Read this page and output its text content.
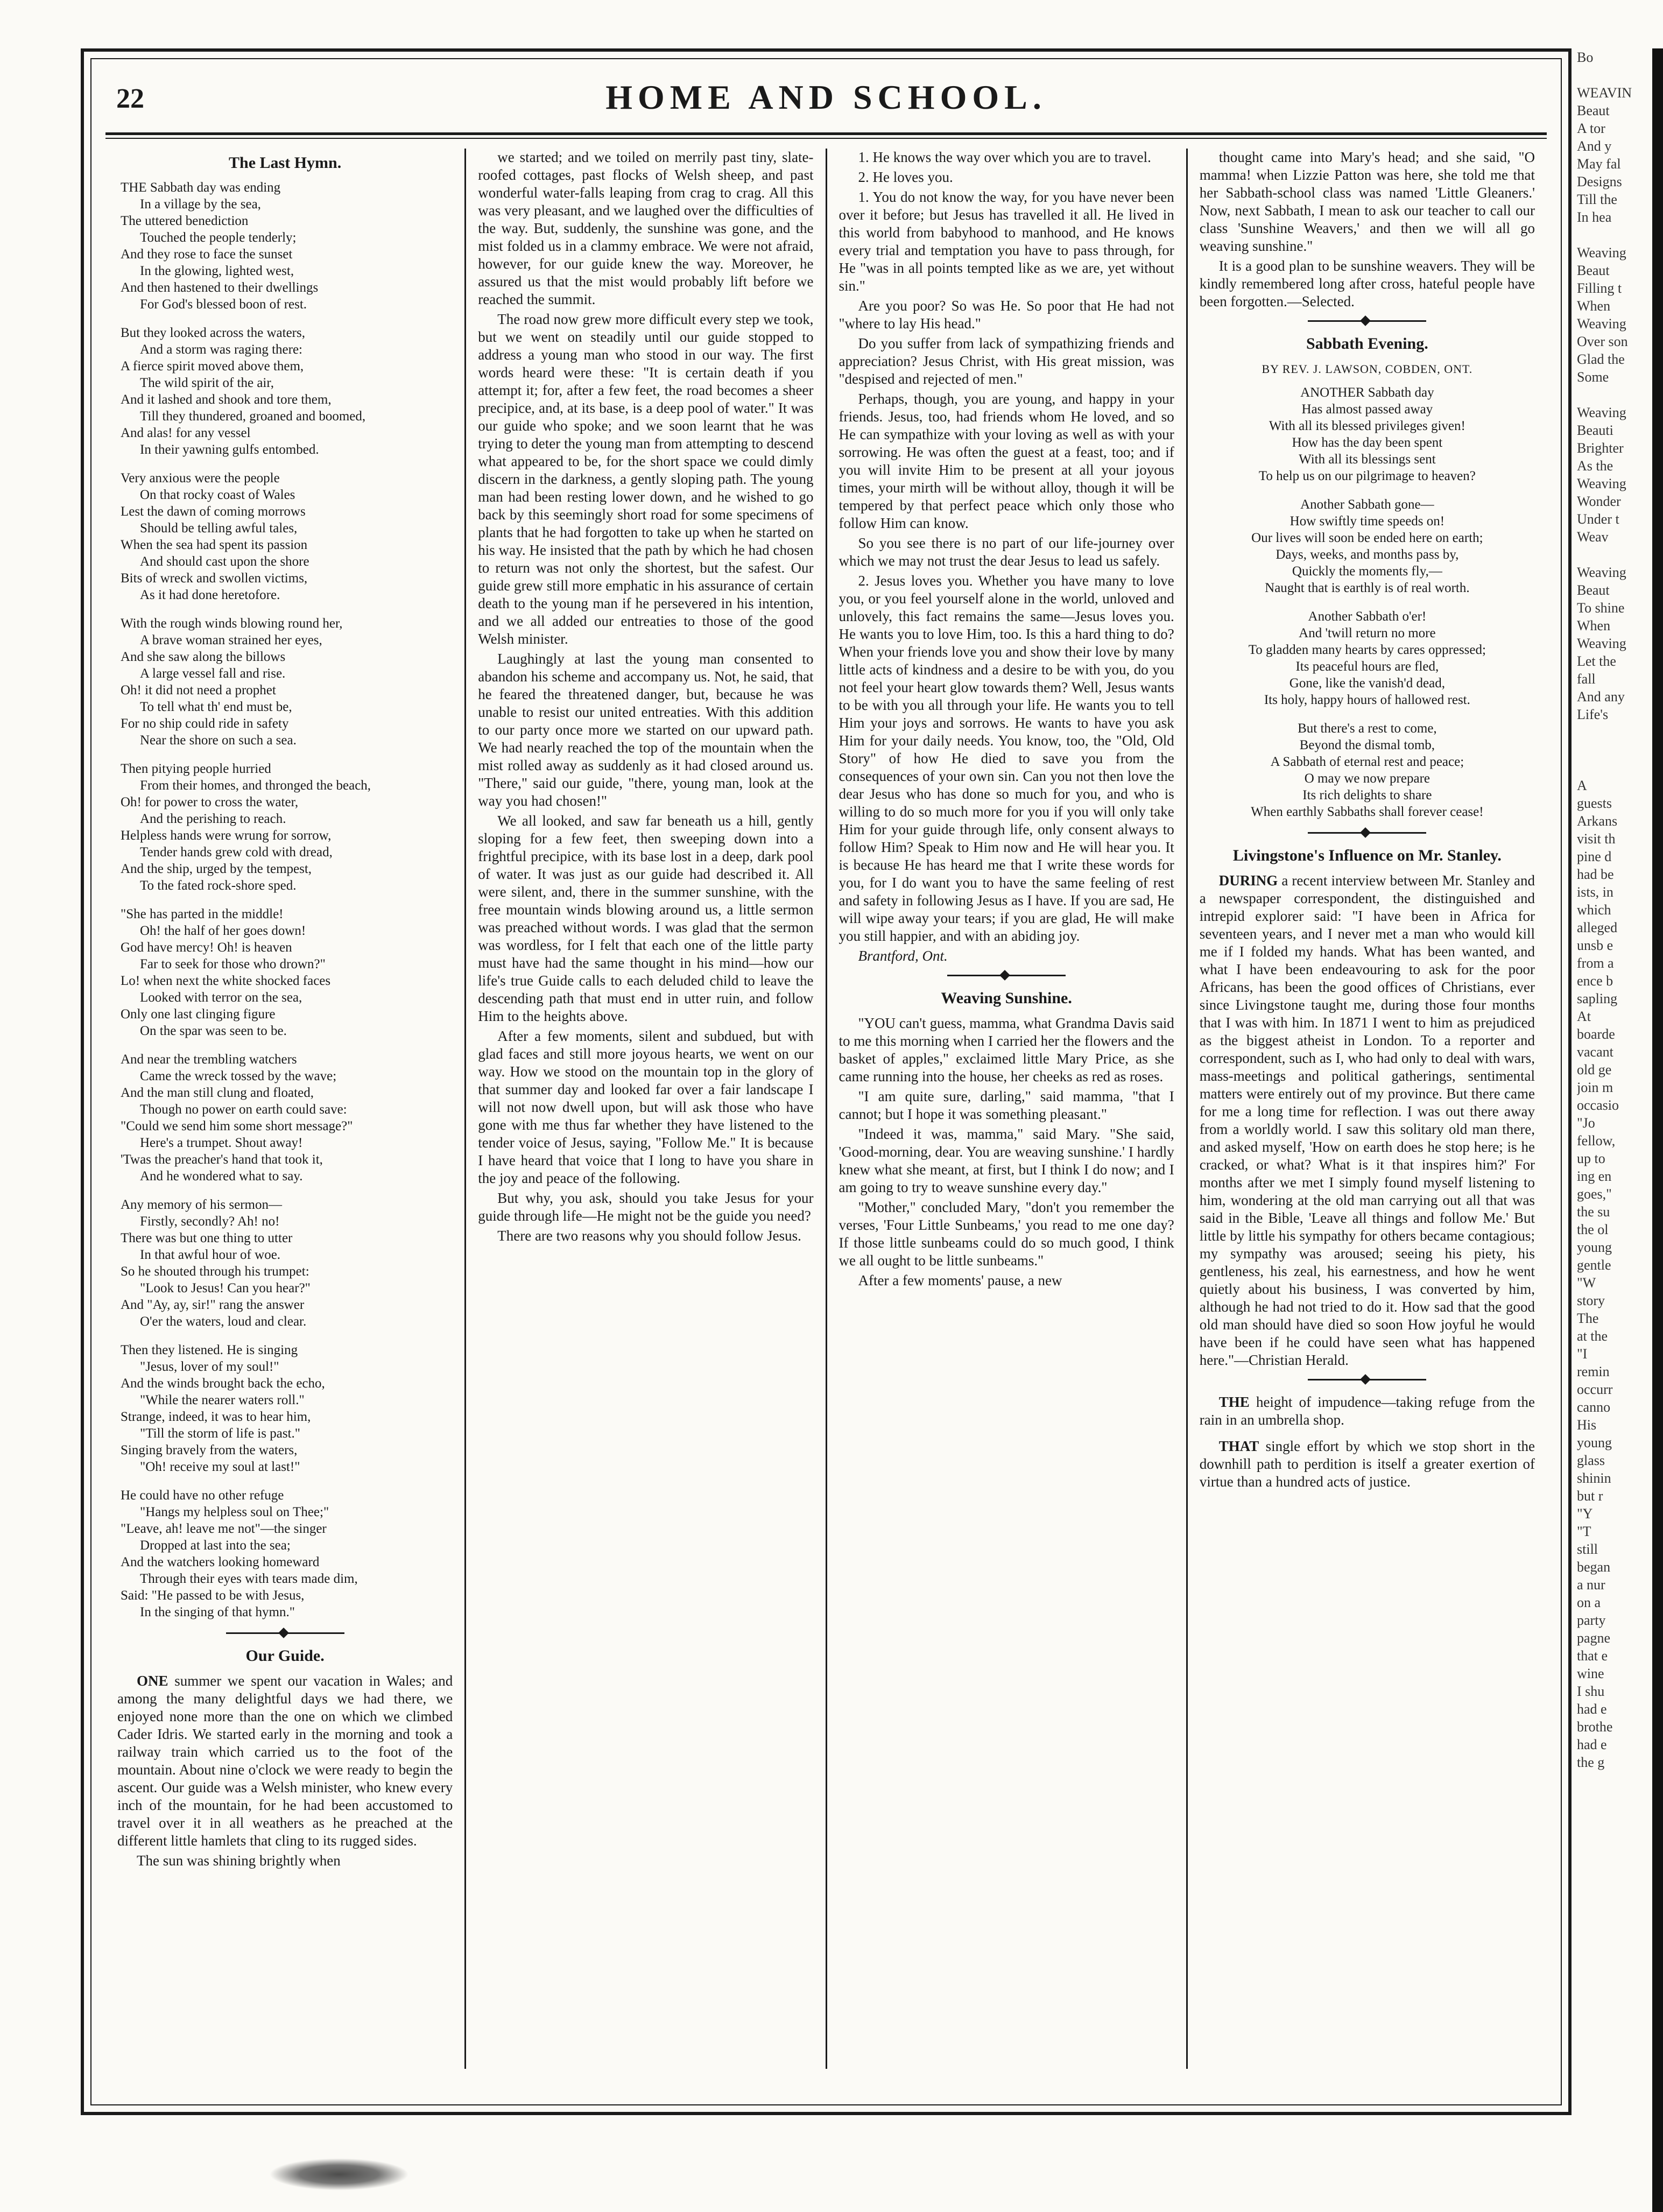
22	HOME AND SCHOOL.
The Last Hymn.
THE Sabbath day was ending
In a village by the sea,
The uttered benediction
Touched the people tenderly;
And they rose to face the sunset
In the glowing, lighted west,
And then hastened to their dwellings
For God's blessed boon of rest.
But they looked across the waters,
And a storm was raging there:
A fierce spirit moved above them,
The wild spirit of the air,
And it lashed and shook and tore them,
Till they thundered, groaned and boomed,
And alas! for any vessel
In their yawning gulfs entombed.
Very anxious were the people
On that rocky coast of Wales
Lest the dawn of coming morrows
Should be telling awful tales,
When the sea had spent its passion
And should cast upon the shore
Bits of wreck and swollen victims,
As it had done heretofore.
With the rough winds blowing round her,
A brave woman strained her eyes,
And she saw along the billows
A large vessel fall and rise.
Oh! it did not need a prophet
To tell what th' end must be,
For no ship could ride in safety
Near the shore on such a sea.
Then pitying people hurried
From their homes, and thronged the beach,
Oh! for power to cross the water,
And the perishing to reach.
Helpless hands were wrung for sorrow,
Tender hands grew cold with dread,
And the ship, urged by the tempest,
To the fated rock-shore sped.
"She has parted in the middle!
Oh! the half of her goes down!
God have mercy! Oh! is heaven
Far to seek for those who drown?"
Lo! when next the white shocked faces
Looked with terror on the sea,
Only one last clinging figure
On the spar was seen to be.
And near the trembling watchers
Came the wreck tossed by the wave;
And the man still clung and floated,
Though no power on earth could save:
"Could we send him some short message?"
Here's a trumpet. Shout away!
'Twas the preacher's hand that took it,
And he wondered what to say.
Any memory of his sermon—
Firstly, secondly? Ah! no!
There was but one thing to utter
In that awful hour of woe.
So he shouted through his trumpet:
"Look to Jesus! Can you hear?"
And "Ay, ay, sir!" rang the answer
O'er the waters, loud and clear.
Then they listened. He is singing
"Jesus, lover of my soul!"
And the winds brought back the echo,
"While the nearer waters roll."
Strange, indeed, it was to hear him,
"Till the storm of life is past."
Singing bravely from the waters,
"Oh! receive my soul at last!"
He could have no other refuge
"Hangs my helpless soul on Thee;"
"Leave, ah! leave me not"—the singer
Dropped at last into the sea;
And the watchers looking homeward
Through their eyes with tears made dim,
Said: "He passed to be with Jesus,
In the singing of that hymn."
Our Guide.

ONE summer we spent our vacation in Wales; and among the many delightful days we had there, we enjoyed none more than the one on which we climbed Cader Idris. We started early in the morning and took a railway train which carried us to the foot of the mountain. About nine o'clock we were ready to begin the ascent. Our guide was a Welsh minister, who knew every inch of the mountain, for he had been accustomed to travel over it in all weathers as he preached at the different little hamlets that cling to its rugged sides.

The sun was shining brightly when

we started; and we toiled on merrily past tiny, slate-roofed cottages, past flocks of Welsh sheep, and past wonderful water-falls leaping from crag to crag. All this was very pleasant, and we laughed over the difficulties of the way. But, suddenly, the sunshine was gone, and the mist folded us in a clammy embrace. We were not afraid, however, for our guide knew the way. Moreover, he assured us that the mist would probably lift before we reached the summit.

The road now grew more difficult every step we took, but we went on steadily until our guide stopped to address a young man who stood in our way. The first words heard were these: "It is certain death if you attempt it; for, after a few feet, the road becomes a sheer precipice, and, at its base, is a deep pool of water." It was our guide who spoke; and we soon learnt that he was trying to deter the young man from attempting to descend what appeared to be, for the short space we could dimly discern in the darkness, a gently sloping path. The young man had been resting lower down, and he wished to go back by this seemingly short road for some specimens of plants that he had forgotten to take up when he started on his way. He insisted that the path by which he had chosen to return was not only the shortest, but the safest. Our guide grew still more emphatic in his assurance of certain death to the young man if he persevered in his intention, and we all added our entreaties to those of the good Welsh minister.

Laughingly at last the young man consented to abandon his scheme and accompany us. Not, he said, that he feared the threatened danger, but, because he was unable to resist our united entreaties. With this addition to our party once more we started on our upward path. We had nearly reached the top of the mountain when the mist rolled away as suddenly as it had closed around us. "There," said our guide, "there, young man, look at the way you had chosen!"

We all looked, and saw far beneath us a hill, gently sloping for a few feet, then sweeping down into a frightful precipice, with its base lost in a deep, dark pool of water. It was just as our guide had described it. All were silent, and, there in the summer sunshine, with the free mountain winds blowing around us, a little sermon was preached without words. I was glad that the sermon was wordless, for I felt that each one of the little party must have had the same thought in his mind—how our life's true Guide calls to each deluded child to leave the descending path that must end in utter ruin, and follow Him to the heights above.

After a few moments, silent and subdued, but with glad faces and still more joyous hearts, we went on our way. How we stood on the mountain top in the glory of that summer day and looked far over a fair landscape I will not now dwell upon, but will ask those who have gone with me thus far whether they have listened to the tender voice of Jesus, saying, "Follow Me." It is because I have heard that voice that I long to have you share in the joy and peace of the following.

But why, you ask, should you take Jesus for your guide through life—He might not be the guide you need?

There are two reasons why you should follow Jesus.

1. He knows the way over which you are to travel.

2. He loves you.

1. You do not know the way, for you have never been over it before; but Jesus has travelled it all. He lived in this world from babyhood to manhood, and He knows every trial and temptation you have to pass through, for He "was in all points tempted like as we are, yet without sin."

Are you poor? So was He. So poor that He had not "where to lay His head."

Do you suffer from lack of sympathizing friends and appreciation? Jesus Christ, with His great mission, was "despised and rejected of men."

Perhaps, though, you are young, and happy in your friends. Jesus, too, had friends whom He loved, and so He can sympathize with your loving as well as with your sorrowing. He was often the guest at a feast, too; and if you will invite Him to be present at all your joyous times, your mirth will be without alloy, though it will be tempered by that perfect peace which only those who follow Him can know.

So you see there is no part of our life-journey over which we may not trust the dear Jesus to lead us safely.

2. Jesus loves you. Whether you have many to love you, or you feel yourself alone in the world, unloved and unlovely, this fact remains the same—Jesus loves you. He wants you to love Him, too. Is this a hard thing to do? When your friends love you and show their love by many little acts of kindness and a desire to be with you, do you not feel your heart glow towards them? Well, Jesus wants to be with you all through your life. He wants you to tell Him your joys and sorrows. He wants to have you ask Him for your daily needs. You know, too, the "Old, Old Story" of how He died to save you from the consequences of your own sin. Can you not then love the dear Jesus who has done so much for you, and who is willing to do so much more for you if you will only take Him for your guide through life, only consent always to follow Him? Speak to Him now and He will hear you. It is because He has heard me that I write these words for you, for I do want you to have the same feeling of rest and safety in following Jesus as I have. If you are sad, He will wipe away your tears; if you are glad, He will make you still happier, and with an abiding joy.

Brantford, Ont.
Weaving Sunshine.

"YOU can't guess, mamma, what Grandma Davis said to me this morning when I carried her the flowers and the basket of apples," exclaimed little Mary Price, as she came running into the house, her cheeks as red as roses.

"I am quite sure, darling," said mamma, "that I cannot; but I hope it was something pleasant."

"Indeed it was, mamma," said Mary. "She said, 'Good-morning, dear. You are weaving sunshine.' I hardly knew what she meant, at first, but I think I do now; and I am going to try to weave sunshine every day."

"Mother," concluded Mary, "don't you remember the verses, 'Four Little Sunbeams,' you read to me one day? If those little sunbeams could do so much good, I think we all ought to be little sunbeams."

After a few moments' pause, a new

thought came into Mary's head; and she said, "O mamma! when Lizzie Patton was here, she told me that her Sabbath-school class was named 'Little Gleaners.' Now, next Sabbath, I mean to ask our teacher to call our class 'Sunshine Weavers,' and then we will all go weaving sunshine."

It is a good plan to be sunshine weavers. They will be kindly remembered long after cross, hateful people have been forgotten.—Selected.

Sabbath Evening.
BY REV. J. LAWSON, COBDEN, ONT.
ANOTHER Sabbath day
Has almost passed away
With all its blessed privileges given!
How has the day been spent
With all its blessings sent
To help us on our pilgrimage to heaven?
Another Sabbath gone—
How swiftly time speeds on!
Our lives will soon be ended here on earth;
Days, weeks, and months pass by,
Quickly the moments fly,—
Naught that is earthly is of real worth.
Another Sabbath o'er!
And 'twill return no more
To gladden many hearts by cares oppressed;
Its peaceful hours are fled,
Gone, like the vanish'd dead,
Its holy, happy hours of hallowed rest.
But there's a rest to come,
Beyond the dismal tomb,
A Sabbath of eternal rest and peace;
O may we now prepare
Its rich delights to share
When earthly Sabbaths shall forever cease!
Livingstone's Influence on Mr. Stanley.

DURING a recent interview between Mr. Stanley and a newspaper correspondent, the distinguished and intrepid explorer said: "I have been in Africa for seventeen years, and I never met a man who would kill me if I folded my hands. What has been wanted, and what I have been endeavouring to ask for the poor Africans, has been the good offices of Christians, ever since Livingstone taught me, during those four months that I was with him. In 1871 I went to him as prejudiced as the biggest atheist in London. To a reporter and correspondent, such as I, who had only to deal with wars, mass-meetings and political gatherings, sentimental matters were entirely out of my province. But there came for me a long time for reflection. I was out there away from a worldly world. I saw this solitary old man there, and asked myself, 'How on earth does he stop here; is he cracked, or what? What is it that inspires him?' For months after we met I simply found myself listening to him, wondering at the old man carrying out all that was said in the Bible, 'Leave all things and follow Me.' But little by little his sympathy for others became contagious; my sympathy was aroused; seeing his piety, his gentleness, his zeal, his earnestness, and how he went quietly about his business, I was converted by him, although he had not tried to do it. How sad that the good old man should have died so soon How joyful he would have been if he could have seen what has happened here."—Christian Herald.

THE height of impudence—taking refuge from the rain in an umbrella shop.

THAT single effort by which we stop short in the downhill path to perdition is itself a greater exertion of virtue than a hundred acts of justice.

Bo

WEAVIN
Beaut
A tor
And y
May fal
Designs
Till the
In hea

Weaving
Beaut
Filling t
When
Weaving
Over son
Glad the
Some

Weaving
Beauti
Brighter
As the
Weaving
Wonder
Under t
Weav

Weaving
Beaut
To shine
When
Weaving
Let the
fall
And any
Life's

A
guests
Arkans
visit th
pine d
had be
ists, in
which
alleged
unsb e
from a
ence b
sapling
At
boarde
vacant
old ge
join m
occasio
"Jo
fellow,
up to
ing en
goes,"
the su
the ol
young
gentle
"W
story
The
at the
"I
remin
occurr
canno
His
young
glass
shinin
but r
"Y
"T
still
began
a nur
on a
party
pagne
that e
wine
I shu
had e
brothe
had e
the g
